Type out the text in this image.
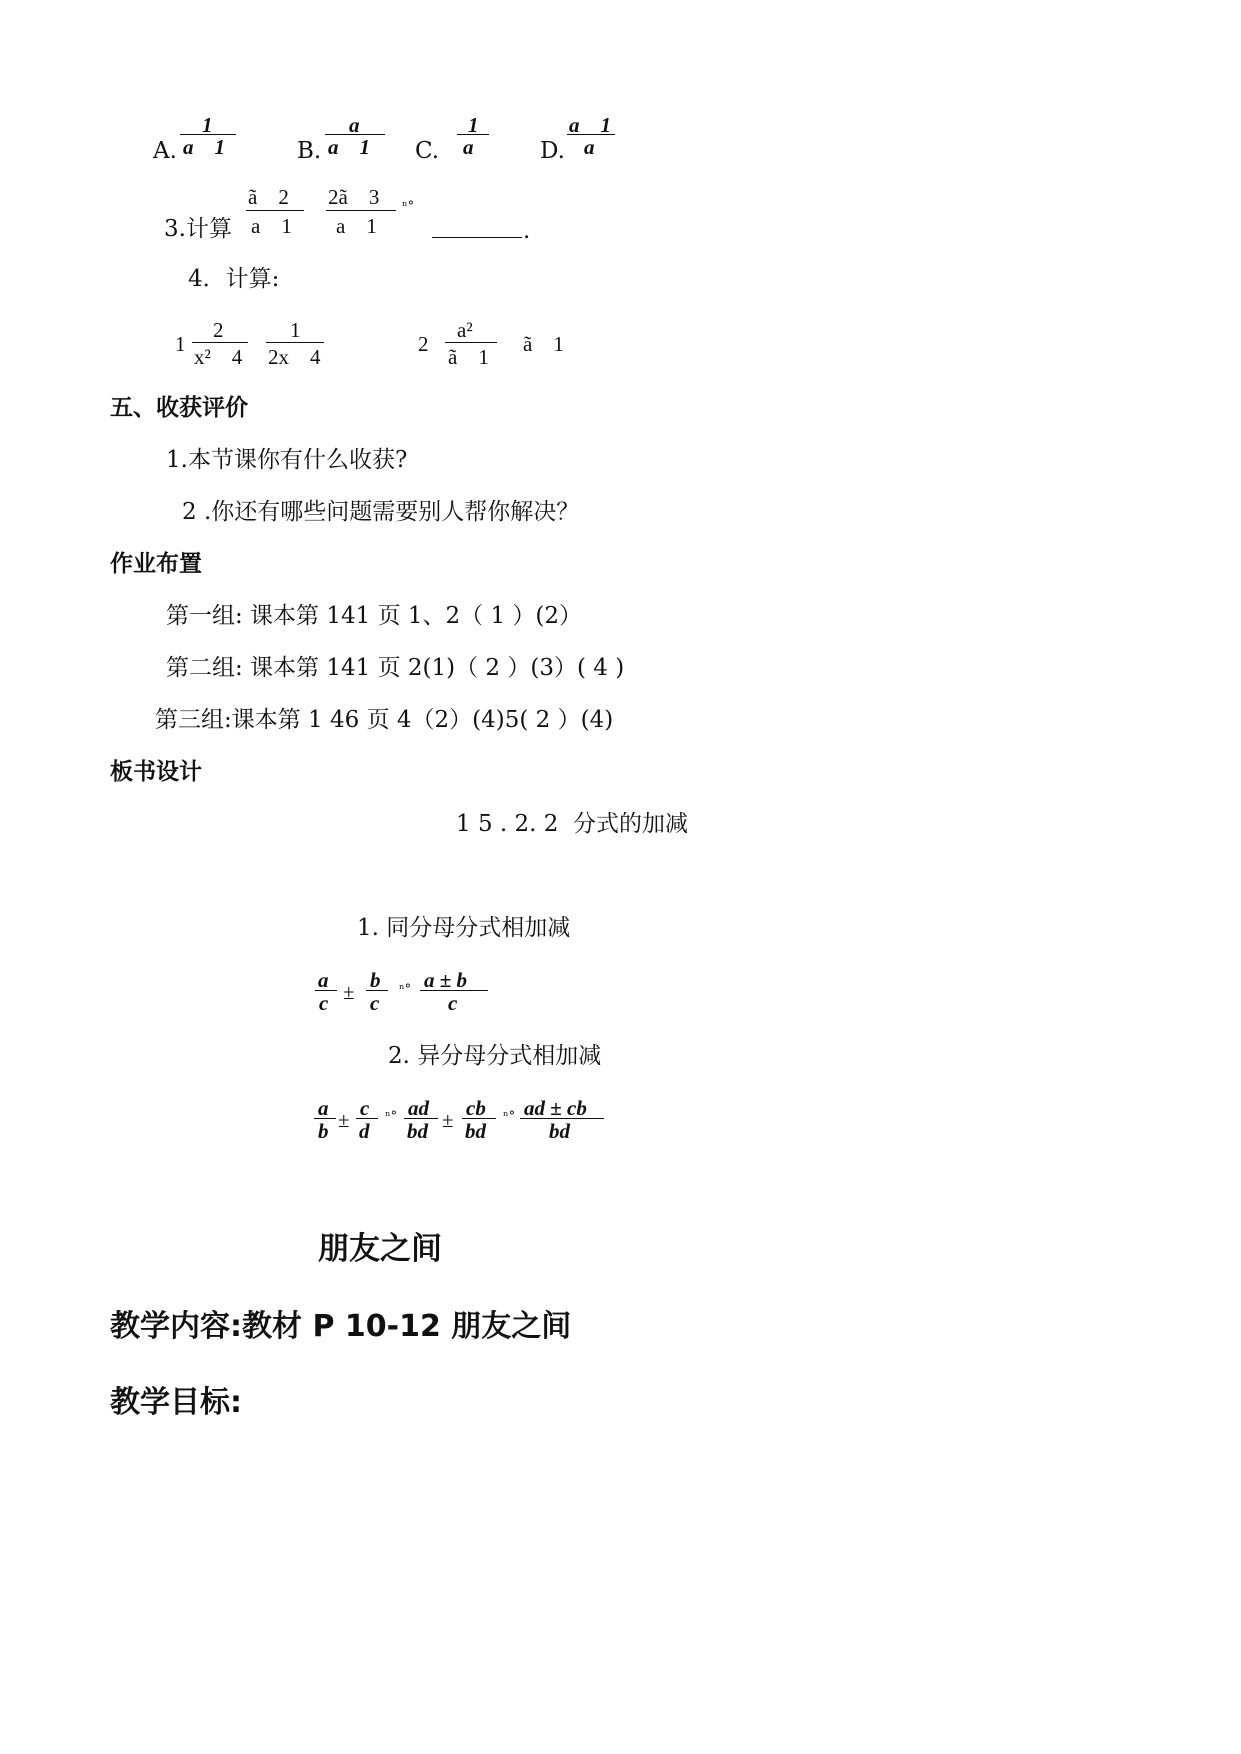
A.
1
a    1	B.
a
a    1 C.
1
a	D.
a    1
a
3.计算
ã    2
a    1
2ã    3
a    1
ⁿ°
.
4．计算:
1
2
x²    4
1
2x    4
2
a²
ã    1
ã    1
五、收获评价
1.本节课你有什么收获?
2 .你还有哪些问题需要别人帮你解决？
作业布置
第一组: 课本第 141 页 1、2（ 1 ）(2）
第二组: 课本第 141 页 2(1)（ 2 ）(3）( 4 )
第三组:课本第 1 46 页 4（2）(4)5( 2 ）(4)
板书设计
1 5 . 2. 2  分式的加减
1. 同分母分式相加减
a
c ± b
c
ⁿ° a ± b
c
2. 异分母分式相加减
a
b ± c
d
ⁿ° ad
bd ± cb
bd
ⁿ° ad ± cb
bd
朋友之间
教学内容:教材 P 10-12 朋友之间
教学目标:
